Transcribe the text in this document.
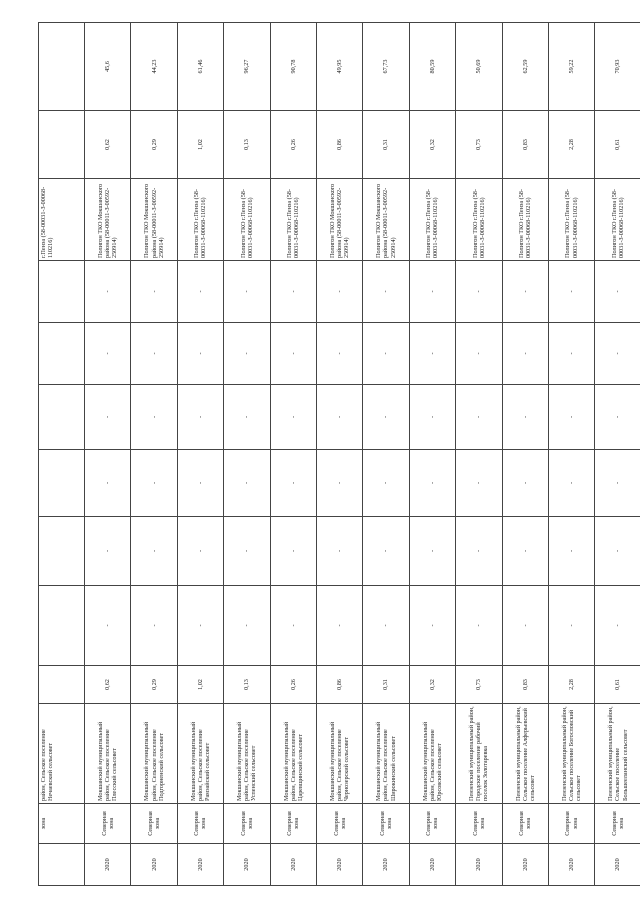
	зона	район, Сельское поселение Нечаевский сельсовет								г.Пенза (58-00031-З-00068-110216)		
2020	Северная зона	Мокшанский муниципальный район, Сельское поселение Плесский сельсовет	0,62	-	-	-	-	-	-	Полигон ТКО Мокшанского района (58-00011-З-00592-250914)	0,62	45,6
2020	Северная зона	Мокшанский муниципальный район, Сельское поселение Подгорненский сельсовет	0,29	-	-	-	-	-	-	Полигон ТКО Мокшанского района (58-00011-З-00592-250914)	0,29	44,23
2020	Северная зона	Мокшанский муниципальный район, Сельское поселение Рамзайский сельсовет	1,02	-	-	-	-	-	-	Полигон ТКО г.Пенза (58-00031-З-00068-110216)	1,02	61,46
2020	Северная зона	Мокшанский муниципальный район, Сельское поселение Успенский сельсовет	0,13	-	-	-	-	-	-	Полигон ТКО г.Пенза (58-00031-З-00068-110216)	0,13	96,27
2020	Северная зона	Мокшанский муниципальный район, Сельское поселение Царевщинский сельсовет	0,26	-	-	-	-	-	-	Полигон ТКО г.Пенза (58-00031-З-00068-110216)	0,26	90,78
2020	Северная зона	Мокшанский муниципальный район, Сельское поселение Чернозерский сельсовет	0,86	-	-	-	-	-	-	Полигон ТКО Мокшанского района (58-00011-З-00592-250914)	0,86	49,95
2020	Северная зона	Мокшанский муниципальный район, Сельское поселение Широкинский сельсовет	0,31	-	-	-	-	-	-	Полигон ТКО Мокшанского района (58-00011-З-00592-250914)	0,31	67,73
2020	Северная зона	Мокшанский муниципальный район, Сельское поселение Юрсовский сельсовет	0,32	-	-	-	-	-	-	Полигон ТКО г.Пенза (58-00031-З-00068-110216)	0,32	80,59
2020	Северная зона	Пензенский муниципальный район, Городское поселение рабочий поселок Золотаревка	0,73	-	-	-	-	-	-	Полигон ТКО г.Пенза (58-00031-З-00068-110216)	0,73	50,69
2020	Северная зона	Пензенский муниципальный район, Сельское поселение Алферьевский сельсовет	0,83	-	-	-	-	-	-	Полигон ТКО г.Пенза (58-00031-З-00068-110216)	0,83	62,59
2020	Северная зона	Пензенский муниципальный район, Сельское поселение Богословский сельсовет	2,28	-	-	-	-	-	-	Полигон ТКО г.Пенза (58-00031-З-00068-110216)	2,28	59,22
2020	Северная зона	Пензенский муниципальный район, Сельское поселение Большееланский сельсовет	0,61	-	-	-	-	-	-	Полигон ТКО г.Пенза (58-00031-З-00068-110216)	0,61	70,93
